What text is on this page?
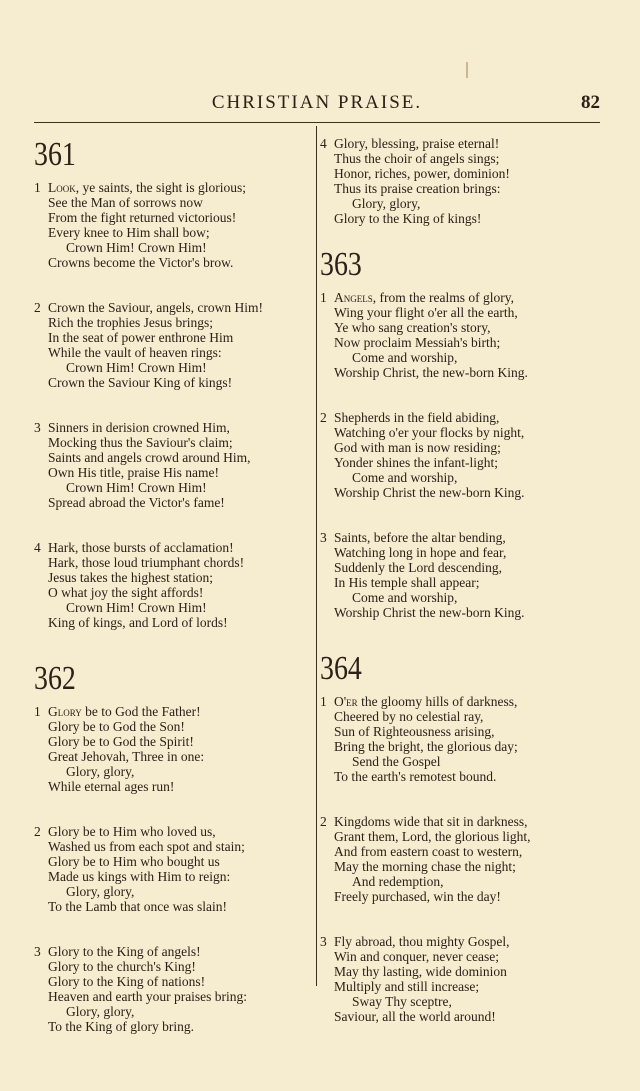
CHRISTIAN PRAISE.	82
361
1 Look, ye saints, the sight is glorious;
See the Man of sorrows now
From the fight returned victorious!
Every knee to Him shall bow;
Crown Him! Crown Him!
Crowns become the Victor's brow.
2 Crown the Saviour, angels, crown Him!
Rich the trophies Jesus brings;
In the seat of power enthrone Him
While the vault of heaven rings:
Crown Him! Crown Him!
Crown the Saviour King of kings!
3 Sinners in derision crowned Him,
Mocking thus the Saviour's claim;
Saints and angels crowd around Him,
Own His title, praise His name!
Crown Him! Crown Him!
Spread abroad the Victor's fame!
4 Hark, those bursts of acclamation!
Hark, those loud triumphant chords!
Jesus takes the highest station;
O what joy the sight affords!
Crown Him! Crown Him!
King of kings, and Lord of lords!
362
1 Glory be to God the Father!
Glory be to God the Son!
Glory be to God the Spirit!
Great Jehovah, Three in one:
Glory, glory,
While eternal ages run!
2 Glory be to Him who loved us,
Washed us from each spot and stain;
Glory be to Him who bought us
Made us kings with Him to reign:
Glory, glory,
To the Lamb that once was slain!
3 Glory to the King of angels!
Glory to the church's King!
Glory to the King of nations!
Heaven and earth your praises bring:
Glory, glory,
To the King of glory bring.
4 Glory, blessing, praise eternal!
Thus the choir of angels sings;
Honor, riches, power, dominion!
Thus its praise creation brings:
Glory, glory,
Glory to the King of kings!
363
1 Angels, from the realms of glory,
Wing your flight o'er all the earth,
Ye who sang creation's story,
Now proclaim Messiah's birth;
Come and worship,
Worship Christ, the new-born King.
2 Shepherds in the field abiding,
Watching o'er your flocks by night,
God with man is now residing;
Yonder shines the infant-light;
Come and worship,
Worship Christ the new-born King.
3 Saints, before the altar bending,
Watching long in hope and fear,
Suddenly the Lord descending,
In His temple shall appear;
Come and worship,
Worship Christ the new-born King.
364
1 O'er the gloomy hills of darkness,
Cheered by no celestial ray,
Sun of Righteousness arising,
Bring the bright, the glorious day;
Send the Gospel
To the earth's remotest bound.
2 Kingdoms wide that sit in darkness,
Grant them, Lord, the glorious light,
And from eastern coast to western,
May the morning chase the night;
And redemption,
Freely purchased, win the day!
3 Fly abroad, thou mighty Gospel,
Win and conquer, never cease;
May thy lasting, wide dominion
Multiply and still increase;
Sway Thy sceptre,
Saviour, all the world around!
